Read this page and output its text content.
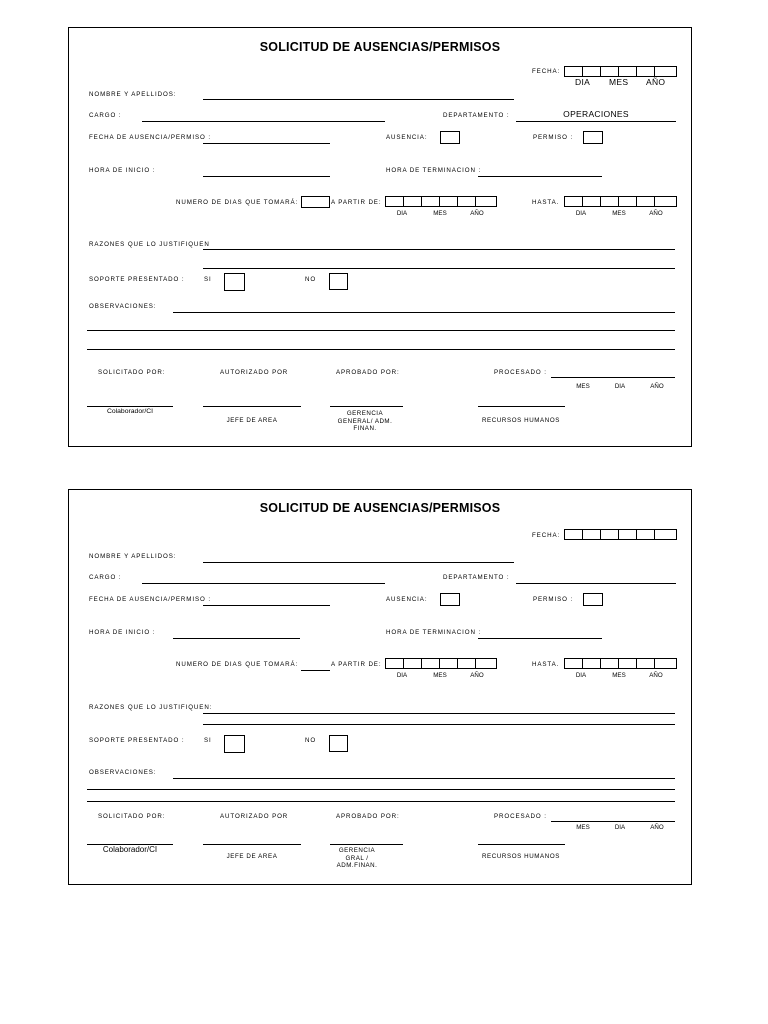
SOLICITUD DE AUSENCIAS/PERMISOS
FECHA:
DIA MES AÑO
NOMBRE Y APELLIDOS:
CARGO :	DEPARTAMENTO :	OPERACIONES
FECHA DE AUSENCIA/PERMISO :	AUSENCIA:	PERMISO :
HORA DE INICIO :	HORA DE TERMINACION :
NUMERO DE DIAS QUE TOMARÁ:	A PARTIR DE:
DIA	MES	AÑO
HASTA.
DIA	MES	AÑO
RAZONES QUE LO JUSTIFIQUEN
SOPORTE PRESENTADO :	SI	NO
OBSERVACIONES:
SOLICITADO POR:	AUTORIZADO POR	APROBADO POR:	PROCESADO :
MES	DIA	AÑO
Colaborador/CI
JEFE DE AREA
GERENCIA
GENERAL/ ADM.
FINAN.
RECURSOS HUMANOS
SOLICITUD DE AUSENCIAS/PERMISOS
FECHA:
NOMBRE Y APELLIDOS:
CARGO :	DEPARTAMENTO :
FECHA DE AUSENCIA/PERMISO :	AUSENCIA:	PERMISO :
HORA DE INICIO :	HORA DE TERMINACION :
NUMERO DE DIAS QUE TOMARÁ:	A PARTIR DE:
DIA	MES	AÑO
HASTA.
DIA	MES	AÑO
RAZONES QUE LO JUSTIFIQUEN:
SOPORTE PRESENTADO :	SI	NO
OBSERVACIONES:
SOLICITADO POR:	AUTORIZADO POR	APROBADO POR:	PROCESADO :
MES	DIA	AÑO
Colaborador/CI
JEFE DE AREA
GERENCIA
GRAL /
ADM.FINAN.
RECURSOS HUMANOS
